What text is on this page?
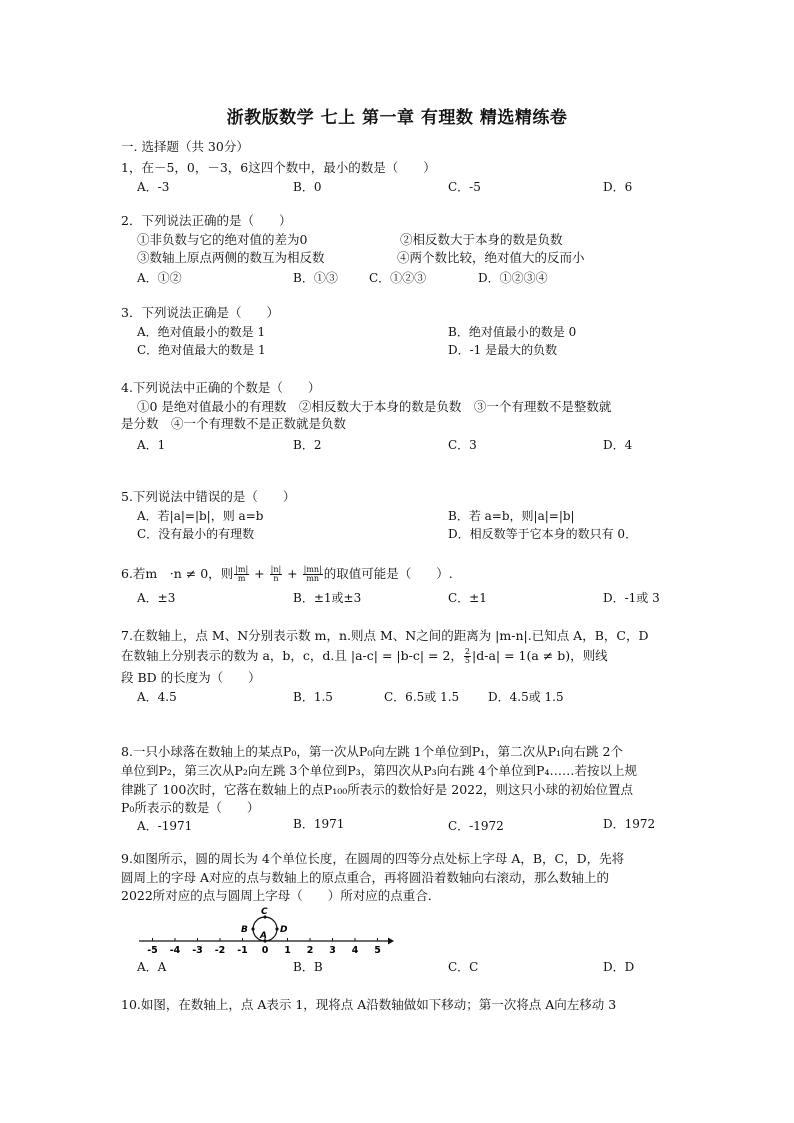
浙教版数学 七上 第一章 有理数 精选精练卷
一. 选择题（共 30分）
1，在－5，0，－3，6这四个数中，最小的数是（　　）
A．-3	B．0	C．-5	D．6
2．下列说法正确的是（　　）
①非负数与它的绝对值的差为0	②相反数大于本身的数是负数
③数轴上原点两侧的数互为相反数	④两个数比较，绝对值大的反而小
A．①②	B．①③	C．①②③	D．①②③④
3．下列说法正确是（　　）
A．绝对值最小的数是 1	B．绝对值最小的数是 0
C．绝对值最大的数是 1	D．-1 是最大的负数
4.下列说法中正确的个数是（　　）
①0 是绝对值最小的有理数　②相反数大于本身的数是负数　③一个有理数不是整数就
是分数　④一个有理数不是正数就是负数
A．1	B．2	C．3	D．4
5.下列说法中错误的是（　　）
A．若|a|=|b|，则 a=b	B．若 a=b，则|a|=|b|
C．没有最小的有理数	D．相反数等于它本身的数只有 0．
6.若m　·n ≠ 0，则 $\frac{|m|}{m} + \frac{|n|}{n} + \frac{|mn|}{mn}$ 的取值可能是（　　）.
A．±3	B．±1或±3	C．±1	D．-1或 3
7.在数轴上，点 M、N分别表示数 m，n.则点 M、N之间的距离为 |m-n|.已知点 A，B，C，D
在数轴上分别表示的数为 a，b，c，d.且 |a-c| = |b-c| = 2， $\frac{2}{5} |d-a| = 1(a \ne b)$，则线
段 BD 的长度为（　　）
A．4.5	B．1.5	C．6.5或 1.5 D．4.5或 1.5
8.一只小球落在数轴上的某点P₀，第一次从P₀向左跳 1个单位到P₁，第二次从P₁向右跳 2个
单位到P₂，第三次从P₂向左跳 3个单位到P₃，第四次从P₃向右跳 4个单位到P₄……若按以上规
律跳了 100次时，它落在数轴上的点P₁₀₀所表示的数恰好是 2022，则这只小球的初始位置点
P₀所表示的数是（　　）
A．-1971	B．1971	C．-1972	D．1972
9.如图所示，圆的周长为 4个单位长度，在圆周的四等分点处标上字母 A，B，C，D，先将
圆周上的字母 A对应的点与数轴上的原点重合，再将圆沿着数轴向右滚动，那么数轴上的
2022所对应的点与圆周上字母（　　）所对应的点重合．
-5 -4 -3 -2 -1 0 1 2 3 4 5
A
B
C
D
A．A	B．B	C．C	D．D
10.如图，在数轴上，点 A表示 1，现将点 A沿数轴做如下移动；第一次将点 A向左移动 3
